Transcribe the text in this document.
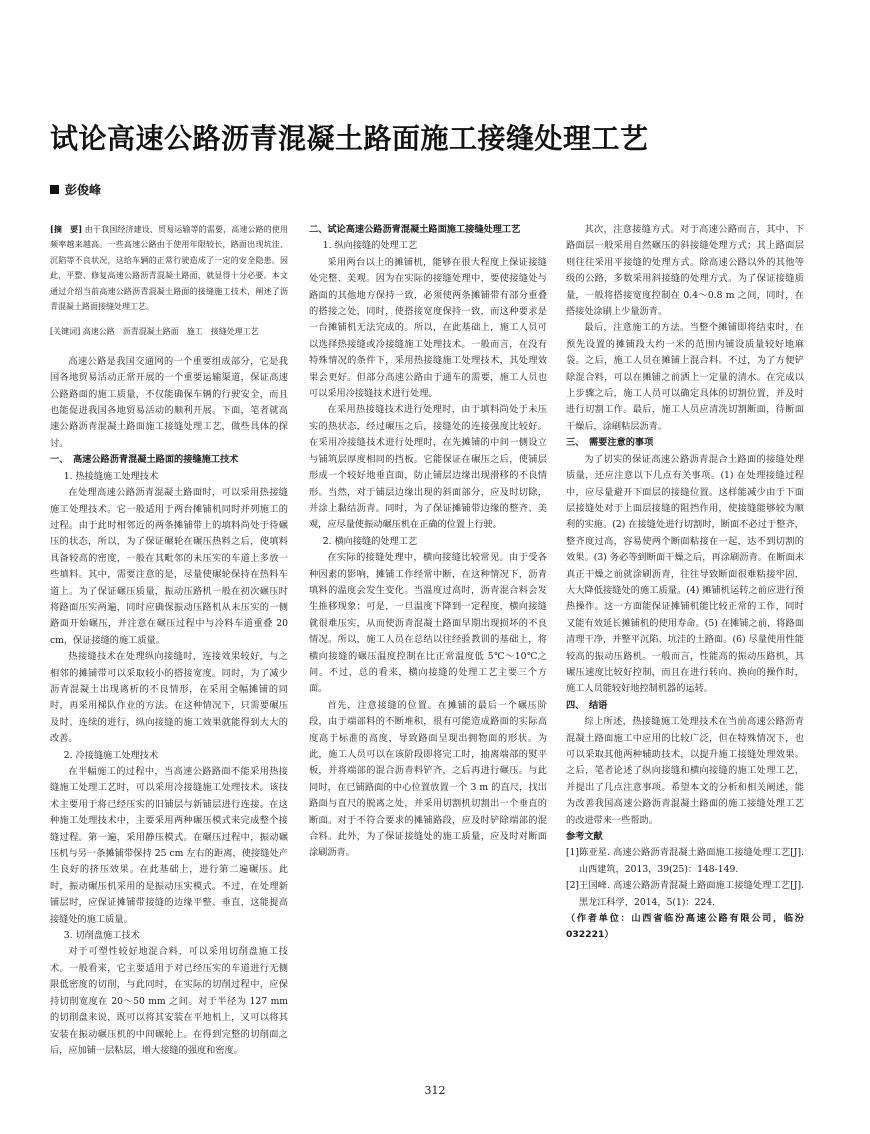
试论高速公路沥青混凝土路面施工接缝处理工艺
彭俊峰

[摘　要] 由于我国经济建设、贸易运输等的需要，高速公路的使用频率越来越高。一些高速公路由于使用年限较长，路面出现坑洼、沉陷等不良状况，这给车辆的正常行驶造成了一定的安全隐患。因此，平整、修复高速公路沥青混凝土路面，就显得十分必要。本文通过介绍当前高速公路沥青混凝土路面的接缝施工技术，阐述了沥青混凝土路面接缝处理工艺。

[关键词] 高速公路　沥青混凝土路面　施工　接缝处理工艺

高速公路是我国交通网的一个重要组成部分，它是我国各地贸易活动正常开展的一个重要运输渠道，保证高速公路路面的施工质量，不仅能确保车辆的行驶安全，而且也能促进我国各地贸易活动的顺利开展。下面，笔者就高速公路沥青混凝土路面施工接缝处理工艺，做些具体的探讨。

一、　高速公路沥青混凝土路面的接缝施工技术

1. 热接缝施工处理技术

在处理高速公路沥青混凝土路面时，可以采用热接缝施工处理技术。它一般适用于两台摊铺机同时并列施工的过程。由于此时相邻近的两条摊铺带上的填料尚处于待碾压的状态，所以，为了保证碾轮在碾压热料之后，使填料具备较高的密度，一般在其毗邻的未压实的车道上多放一些填料。其中，需要注意的是，尽量使碾轮保持在热料车道上。为了保证碾压质量，振动压路机一般在初次碾压时将路面压实两遍，同时应确保振动压路机从未压实的一侧路面开始碾压，并注意在碾压过程中与冷料车道重叠 20 cm，保证接缝的施工质量。

热接缝技术在处理纵向接缝时，连接效果较好，与之相邻的摊铺带可以采取较小的搭接宽度。同时，为了减少沥青混凝土出现离析的不良情形，在采用全幅摊铺的同时，再采用梯队作业的方法。在这种情况下，只需要碾压及时、连续的进行，纵向接缝的施工效果就能得到大大的改善。

2. 冷接缝施工处理技术

在半幅施工的过程中，当高速公路路面不能采用热接缝施工处理工艺时，可以采用冷接缝施工处理技术。该技术主要用于将已经压实的旧铺层与新铺层进行连接。在这种施工处理技术中，主要采用两种碾压模式来完成整个接缝过程。第一遍，采用静压模式。在碾压过程中，振动碾压机与另一条摊铺带保持 25 cm 左右的距离，使接缝处产生良好的挤压效果。在此基础上，进行第二遍碾压。此时，振动碾压机采用的是振动压实模式。不过，在处理新铺层时，应保证摊铺带接缝的边缘平整、垂直，这能提高接缝处的施工质量。

3. 切削盘施工技术

对于可塑性较好地混合料，可以采用切削盘施工技术。一般看来，它主要适用于对已经压实的车道进行无侧限低密度的切削，与此同时，在实际的切削过程中，应保持切削宽度在 20～50 mm 之间。对于半径为 127 mm 的切削盘来说，既可以将其安装在平地机上，又可以将其安装在振动碾压机的中间碾轮上。在得到完整的切削面之后，应加铺一层粘层，增大接缝的强度和密度。

二、试论高速公路沥青混凝土路面施工接缝处理工艺

1. 纵向接缝的处理工艺

采用两台以上的摊铺机，能够在很大程度上保证接缝处完整、美观。因为在实际的接缝处理中，要使接缝处与路面的其他地方保持一致，必须使两条摊铺带有部分重叠的搭接之处，同时，使搭接宽度保持一致，而这种要求是一台摊铺机无法完成的。所以，在此基础上，施工人员可以选择热接缝或冷接缝施工处理技术。一般而言，在没有特殊情况的条件下，采用热接缝施工处理技术，其处理效果会更好。但部分高速公路由于通车的需要，施工人员也可以采用冷接缝技术进行处理。

在采用热接缝技术进行处理时，由于填料尚处于未压实的热状态，经过碾压之后，接缝处的连接强度比较好。在采用冷接缝技术进行处理时，在先摊铺的中间一侧设立与铺筑层厚度相同的挡板。它能保证在碾压之后，使铺层形成一个较好地垂直面，防止铺层边缘出现滑移的不良情形。当然，对于铺层边缘出现的斜面部分，应及时切除，并涂上黏结沥青。同时，为了保证摊铺带边缘的整齐、美观，应尽量使振动碾压机在正确的位置上行驶。

2. 横向接缝的处理工艺

在实际的接缝处理中，横向接缝比较常见。由于受各种因素的影响，摊铺工作经常中断，在这种情况下，沥青填料的温度会发生变化。当温度过高时，沥青混合料会发生推移现象；可是，一旦温度下降到一定程度，横向接缝就很难压实，从而使沥青混凝土路面早期出现损坏的不良情况。所以，施工人员在总结以往经验教训的基础上，将横向接缝的碾压温度控制在比正常温度低 5℃～10℃之间。不过，总的看来，横向接缝的处理工艺主要三个方面。

首先，注意接缝的位置。在摊铺的最后一个碾压阶段，由于端部料的不断堆积，很有可能造成路面的实际高度高于标准的高度，导致路面呈现出拥物面的形状。为此，施工人员可以在该阶段即将完工时，抽离端部的熨平板，并将端部的混合沥青料铲齐，之后再进行碾压。与此同时，在已铺路面的中心位置放置一个 3 m 的直尺，找出路面与直尺的脱离之处，并采用切割机切割出一个垂直的断面。对于不符合要求的摊铺路段，应及时铲除端部的混合料。此外，为了保证接缝处的施工质量，应及时对断面涂刷沥青。

其次，注意接缝方式。对于高速公路而言，其中、下路面层一般采用自然碾压的斜接缝处理方式；其上路面层则往往采用平接缝的处理方式。除高速公路以外的其他等级的公路，多数采用斜接缝的处理方式。为了保证接缝质量，一般将搭接宽度控制在 0.4～0.8 m 之间，同时，在搭接处涂刷上少量沥青。

最后，注意施工的方法。当整个摊铺即将结束时，在预先设置的摊铺段大约一米的范围内铺设质量较好地麻袋。之后，施工人员在摊铺上混合料。不过，为了方便铲除混合料，可以在摊铺之前洒上一定量的清水。在完成以上步骤之后，施工人员可以确定具体的切割位置，并及时进行切割工作。最后，施工人员应清洗切割断面，待断面干燥后，涂刷粘层沥青。

三、　需要注意的事项

为了切实的保证高速公路沥青混合土路面的接缝处理质量，还应注意以下几点有关事项。(1) 在处理接缝过程中，应尽量避开下面层的接缝位置。这样能减少由于下面层接缝处对于上面层接缝的阻挡作用，使接缝能够较为顺利的实施。(2) 在接缝处进行切割时，断面不必过于整齐，整齐度过高，容易使两个断面粘接在一起，达不到切割的效果。(3) 务必等到断面干燥之后，再涂刷沥青。在断面未真正干燥之前就涂刷沥青，往往导致断面很难粘接牢固，大大降低接缝处的施工质量。(4) 摊铺机运转之前应进行预热操作。这一方面能保证摊铺机能比较正常的工作，同时又能有效延长摊铺机的使用寿命。(5) 在摊铺之前，将路面清理干净，并整平沉陷、坑洼的土路面。(6) 尽量使用性能较高的振动压路机。一般而言，性能高的振动压路机，其碾压速度比较好控制，而且在进行转向、换向的操作时，施工人员能较好地控制机器的运转。

四、　结语

综上所述，热接缝施工处理技术在当前高速公路沥青混凝土路面施工中应用的比较广泛，但在特殊情况下，也可以采取其他两种辅助技术，以提升施工接缝处理效果。之后，笔者论述了纵向接缝和横向接缝的施工处理工艺，并提出了几点注意事项。希望本文的分析和相关阐述，能为改善我国高速公路沥青混凝土路面的施工接缝处理工艺的改进带来一些帮助。

参考文献

[1]陈亚星. 高速公路沥青混凝土路面施工接缝处理工艺[J]. 山西建筑，2013，39(25)：148-149.

[2]王国峰. 高速公路沥青混凝土路面施工接缝处理工艺[J]. 黑龙江科学，2014，5(1)：224.

（作者单位：山西省临汾高速公路有限公司，临汾 032221）

312
